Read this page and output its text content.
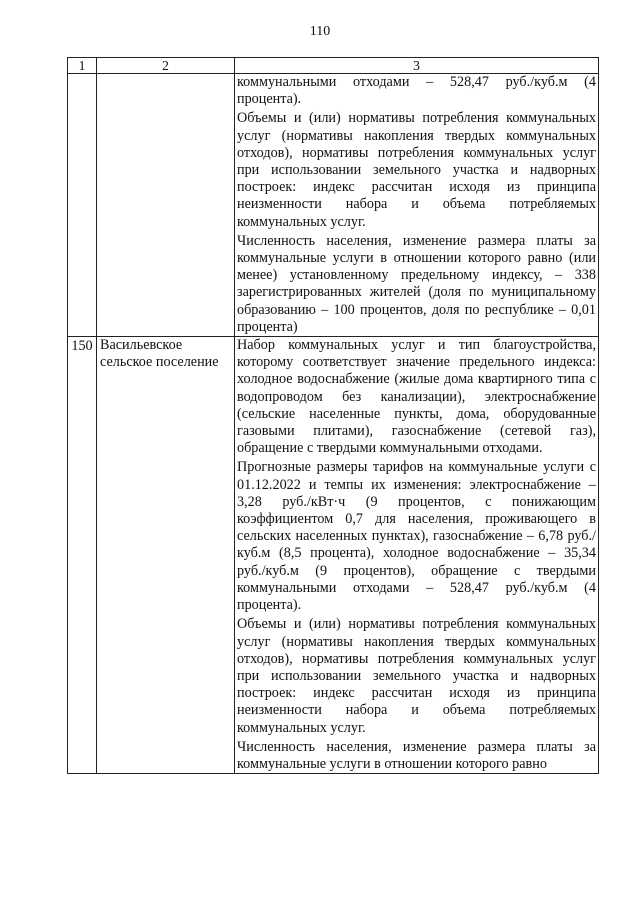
110
1	2	3

		коммунальными отходами – 528,47 руб./куб.м (4 процента).

Объемы и (или) нормативы потребления коммунальных услуг (нормативы накопления твердых коммунальных отходов), нормативы потребления коммунальных услуг при использовании земельного участка и надворных построек: индекс рассчитан исходя из принципа неизменности набора и объема потребляемых коммунальных услуг.

Численность населения, изменение размера платы за коммунальные услуги в отношении которого равно (или менее) установленному предельному индексу, – 338 зарегистрированных жителей (доля по муниципальному образованию – 100 процентов, доля по республике – 0,01 процента)

150	Васильевское сельское поселение	Набор коммунальных услуг и тип благоустройства, которому соответствует значение предельного индекса: холодное водоснабжение (жилые дома квартирного типа с водопроводом без канализации), электроснабжение (сельские населенные пункты, дома, оборудованные газовыми плитами), газоснабжение (сетевой газ), обращение с твердыми коммунальными отходами.

Прогнозные размеры тарифов на коммунальные услуги с 01.12.2022 и темпы их изменения: электроснабжение – 3,28 руб./кВт·ч (9 процентов, с понижающим коэффициентом 0,7 для населения, проживающего в сельских населенных пунктах), газоснабжение – 6,78 руб./куб.м (8,5 процента), холодное водоснабжение – 35,34 руб./куб.м (9 процентов), обращение с твердыми коммунальными отходами – 528,47 руб./куб.м (4 процента).

Объемы и (или) нормативы потребления коммунальных услуг (нормативы накопления твердых коммунальных отходов), нормативы потребления коммунальных услуг при использовании земельного участка и надворных построек: индекс рассчитан исходя из принципа неизменности набора и объема потребляемых коммунальных услуг.

Численность населения, изменение размера платы за коммунальные услуги в отношении которого равно
